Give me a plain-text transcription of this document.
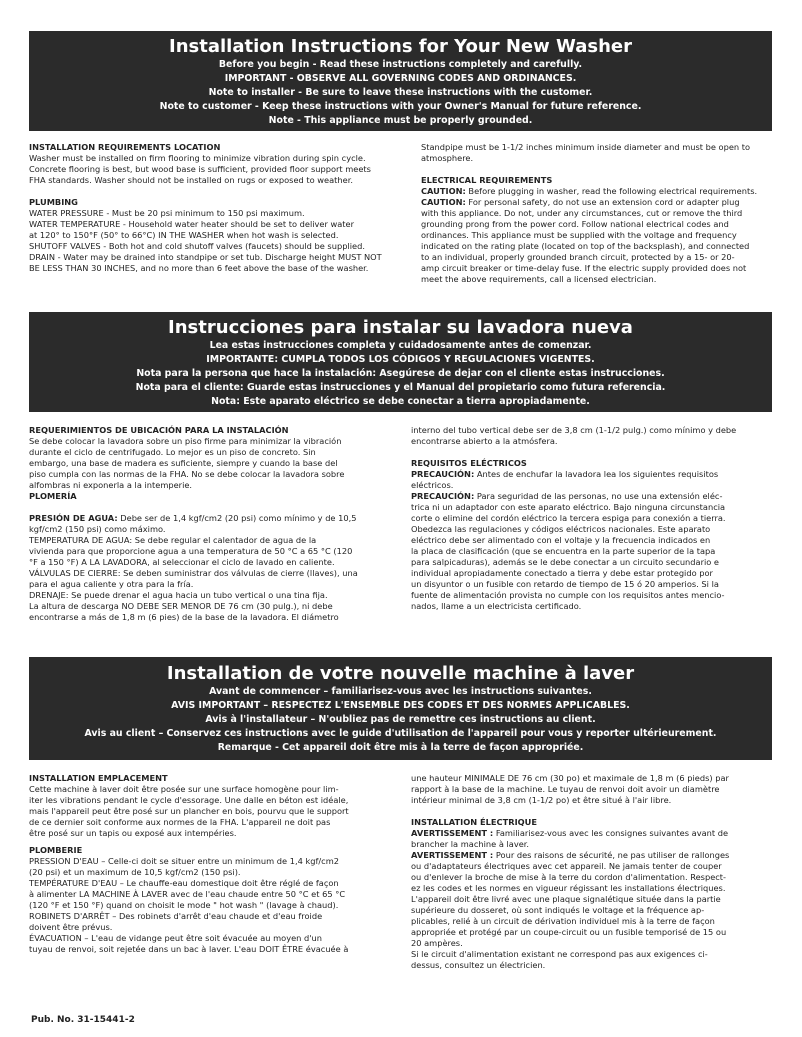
Installation Instructions for Your New Washer
Before you begin - Read these instructions completely and carefully.
IMPORTANT - OBSERVE ALL GOVERNING CODES AND ORDINANCES.
Note to installer - Be sure to leave these instructions with the customer.
Note to customer - Keep these instructions with your Owner's Manual for future reference.
Note - This appliance must be properly grounded.

INSTALLATION REQUIREMENTS LOCATION

Washer must be installed on firm flooring to minimize vibration during spin cycle.

Concrete flooring is best, but wood base is sufficient, provided floor support meets

FHA standards. Washer should not be installed on rugs or exposed to weather.

PLUMBING

WATER PRESSURE - Must be 20 psi minimum to 150 psi maximum.

WATER TEMPERATURE - Household water heater should be set to deliver water

at 120° to 150°F (50° to 66°C) IN THE WASHER when hot wash is selected.

SHUTOFF VALVES - Both hot and cold shutoff valves (faucets) should be supplied.

DRAIN - Water may be drained into standpipe or set tub. Discharge height MUST NOT

BE LESS THAN 30 INCHES, and no more than 6 feet above the base of the washer.

Standpipe must be 1-1/2 inches minimum inside diameter and must be open to

atmosphere.

ELECTRICAL REQUIREMENTS

CAUTION: Before plugging in washer, read the following electrical requirements.

CAUTION: For personal safety, do not use an extension cord or adapter plug

with this appliance. Do not, under any circumstances, cut or remove the third

grounding prong from the power cord. Follow national electrical codes and

ordinances. This appliance must be supplied with the voltage and frequency

indicated on the rating plate (located on top of the backsplash), and connected

to an individual, properly grounded branch circuit, protected by a 15- or 20-

amp circuit breaker or time-delay fuse. If the electric supply provided does not

meet the above requirements, call a licensed electrician.

Instrucciones para instalar su lavadora nueva
Lea estas instrucciones completa y cuidadosamente antes de comenzar.
IMPORTANTE: CUMPLA TODOS LOS CÓDIGOS Y REGULACIONES VIGENTES.
Nota para la persona que hace la instalación: Asegúrese de dejar con el cliente estas instrucciones.
Nota para el cliente: Guarde estas instrucciones y el Manual del propietario como futura referencia.
Nota: Este aparato eléctrico se debe conectar a tierra apropiadamente.

REQUERIMIENTOS DE UBICACIÓN PARA LA INSTALACIÓN

Se debe colocar la lavadora sobre un piso firme para minimizar la vibración

durante el ciclo de centrifugado. Lo mejor es un piso de concreto. Sin

embargo, una base de madera es suficiente, siempre y cuando la base del

piso cumpla con las normas de la FHA. No se debe colocar la lavadora sobre

alfombras ni exponerla a la intemperie.

PLOMERÍA

PRESIÓN DE AGUA: Debe ser de 1,4 kgf/cm2 (20 psi) como mínimo y de 10,5

kgf/cm2 (150 psi) como máximo.

TEMPERATURA DE AGUA: Se debe regular el calentador de agua de la

vivienda para que proporcione agua a una temperatura de 50 °C a 65 °C (120

°F a 150 °F) A LA LAVADORA, al seleccionar el ciclo de lavado en caliente.

VÁLVULAS DE CIERRE: Se deben suministrar dos válvulas de cierre (llaves), una

para el agua caliente y otra para la fría.

DRENAJE: Se puede drenar el agua hacia un tubo vertical o una tina fija.

La altura de descarga NO DEBE SER MENOR DE 76 cm (30 pulg.), ni debe

encontrarse a más de 1,8 m (6 pies) de la base de la lavadora. El diámetro

interno del tubo vertical debe ser de 3,8 cm (1-1/2 pulg.) como mínimo y debe

encontrarse abierto a la atmósfera.

REQUISITOS ELÉCTRICOS

PRECAUCIÓN: Antes de enchufar la lavadora lea los siguientes requisitos

eléctricos.

PRECAUCIÓN: Para seguridad de las personas, no use una extensión eléc-

trica ni un adaptador con este aparato eléctrico. Bajo ninguna circunstancia

corte o elimine del cordón eléctrico la tercera espiga para conexión a tierra.

Obedezca las regulaciones y códigos eléctricos nacionales. Este aparato

eléctrico debe ser alimentado con el voltaje y la frecuencia indicados en

la placa de clasificación (que se encuentra en la parte superior de la tapa

para salpicaduras), además se le debe conectar a un circuito secundario e

individual apropiadamente conectado a tierra y debe estar protegido por

un disyuntor o un fusible con retardo de tiempo de 15 ó 20 amperios. Si la

fuente de alimentación provista no cumple con los requisitos antes mencio-

nados, llame a un electricista certificado.

Installation de votre nouvelle machine à laver
Avant de commencer – familiarisez-vous avec les instructions suivantes.
AVIS IMPORTANT – RESPECTEZ L'ENSEMBLE DES CODES ET DES NORMES APPLICABLES.
Avis à l'installateur – N'oubliez pas de remettre ces instructions au client.
Avis au client – Conservez ces instructions avec le guide d'utilisation de l'appareil pour vous y reporter ultérieurement.
Remarque - Cet appareil doit être mis à la terre de façon appropriée.

INSTALLATION EMPLACEMENT

Cette machine à laver doit être posée sur une surface homogène pour lim-

iter les vibrations pendant le cycle d'essorage. Une dalle en béton est idéale,

mais l'appareil peut être posé sur un plancher en bois, pourvu que le support

de ce dernier soit conforme aux normes de la FHA. L'appareil ne doit pas

être posé sur un tapis ou exposé aux intempéries.

PLOMBERIE

PRESSION D'EAU – Celle-ci doit se situer entre un minimum de 1,4 kgf/cm2

(20 psi) et un maximum de 10,5 kgf/cm2 (150 psi).

TEMPÉRATURE D'EAU – Le chauffe-eau domestique doit être réglé de façon

à alimenter LA MACHINE À LAVER avec de l'eau chaude entre 50 °C et 65 °C

(120 °F et 150 °F) quand on choisit le mode " hot wash " (lavage à chaud).

ROBINETS D'ARRÊT – Des robinets d'arrêt d'eau chaude et d'eau froide

doivent être prévus.

ÉVACUATION – L'eau de vidange peut être soit évacuée au moyen d'un

tuyau de renvoi, soit rejetée dans un bac à laver. L'eau DOIT ÊTRE évacuée à

une hauteur MINIMALE DE 76 cm (30 po) et maximale de 1,8 m (6 pieds) par

rapport à la base de la machine. Le tuyau de renvoi doit avoir un diamètre

intérieur minimal de 3,8 cm (1-1/2 po) et être situé à l'air libre.

INSTALLATION ÉLECTRIQUE

AVERTISSEMENT : Familiarisez-vous avec les consignes suivantes avant de

brancher la machine à laver.

AVERTISSEMENT : Pour des raisons de sécurité, ne pas utiliser de rallonges

ou d'adaptateurs électriques avec cet appareil. Ne jamais tenter de couper

ou d'enlever la broche de mise à la terre du cordon d'alimentation. Respect-

ez les codes et les normes en vigueur régissant les installations électriques.

L'appareil doit être livré avec une plaque signalétique située dans la partie

supérieure du dosseret, où sont indiqués le voltage et la fréquence ap-

plicables, relié à un circuit de dérivation individuel mis à la terre de façon

appropriée et protégé par un coupe-circuit ou un fusible temporisé de 15 ou

20 ampères.

Si le circuit d'alimentation existant ne correspond pas aux exigences ci-

dessus, consultez un électricien.

Pub. No. 31-15441-2
